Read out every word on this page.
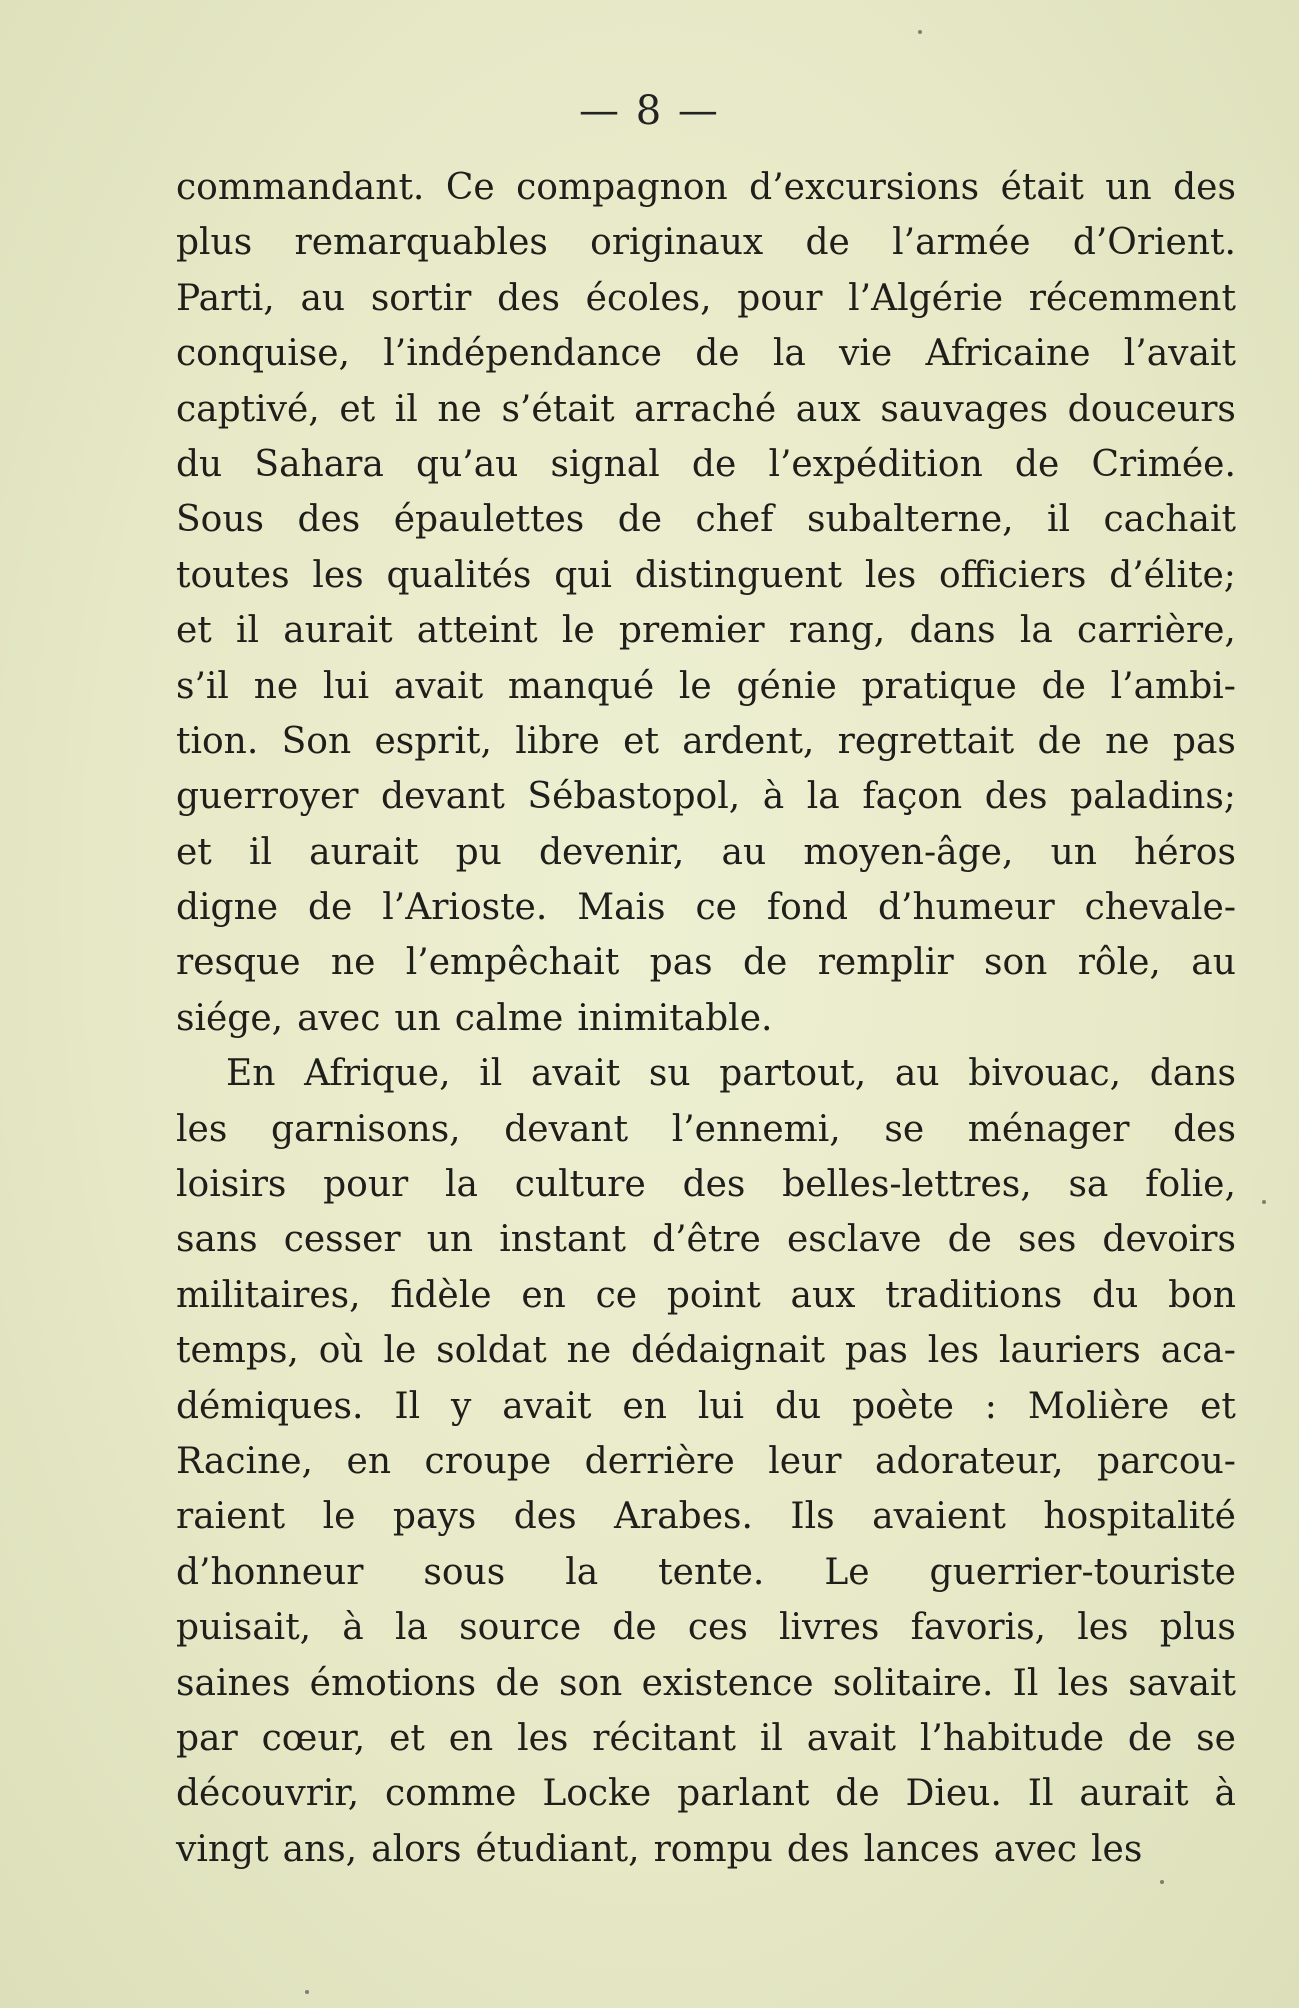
— 8 —
commandant. Ce compagnon d’excursions était un des
plus remarquables originaux de l’armée d’Orient.
Parti, au sortir des écoles, pour l’Algérie récemment
conquise, l’indépendance de la vie Africaine l’avait
captivé, et il ne s’était arraché aux sauvages douceurs
du Sahara qu’au signal de l’expédition de Crimée.
Sous des épaulettes de chef subalterne, il cachait
toutes les qualités qui distinguent les officiers d’élite;
et il aurait atteint le premier rang, dans la carrière,
s’il ne lui avait manqué le génie pratique de l’ambi-
tion. Son esprit, libre et ardent, regrettait de ne pas
guerroyer devant Sébastopol, à la façon des paladins;
et il aurait pu devenir, au moyen-âge, un héros
digne de l’Arioste. Mais ce fond d’humeur chevale-
resque ne l’empêchait pas de remplir son rôle, au
siége, avec un calme inimitable.
En Afrique, il avait su partout, au bivouac, dans
les garnisons, devant l’ennemi, se ménager des
loisirs pour la culture des belles-lettres, sa folie,
sans cesser un instant d’être esclave de ses devoirs
militaires, fidèle en ce point aux traditions du bon
temps, où le soldat ne dédaignait pas les lauriers aca-
démiques. Il y avait en lui du poète : Molière et
Racine, en croupe derrière leur adorateur, parcou-
raient le pays des Arabes. Ils avaient hospitalité
d’honneur sous la tente. Le guerrier-touriste
puisait, à la source de ces livres favoris, les plus
saines émotions de son existence solitaire. Il les savait
par cœur, et en les récitant il avait l’habitude de se
découvrir, comme Locke parlant de Dieu. Il aurait à
vingt ans, alors étudiant, rompu des lances avec les
